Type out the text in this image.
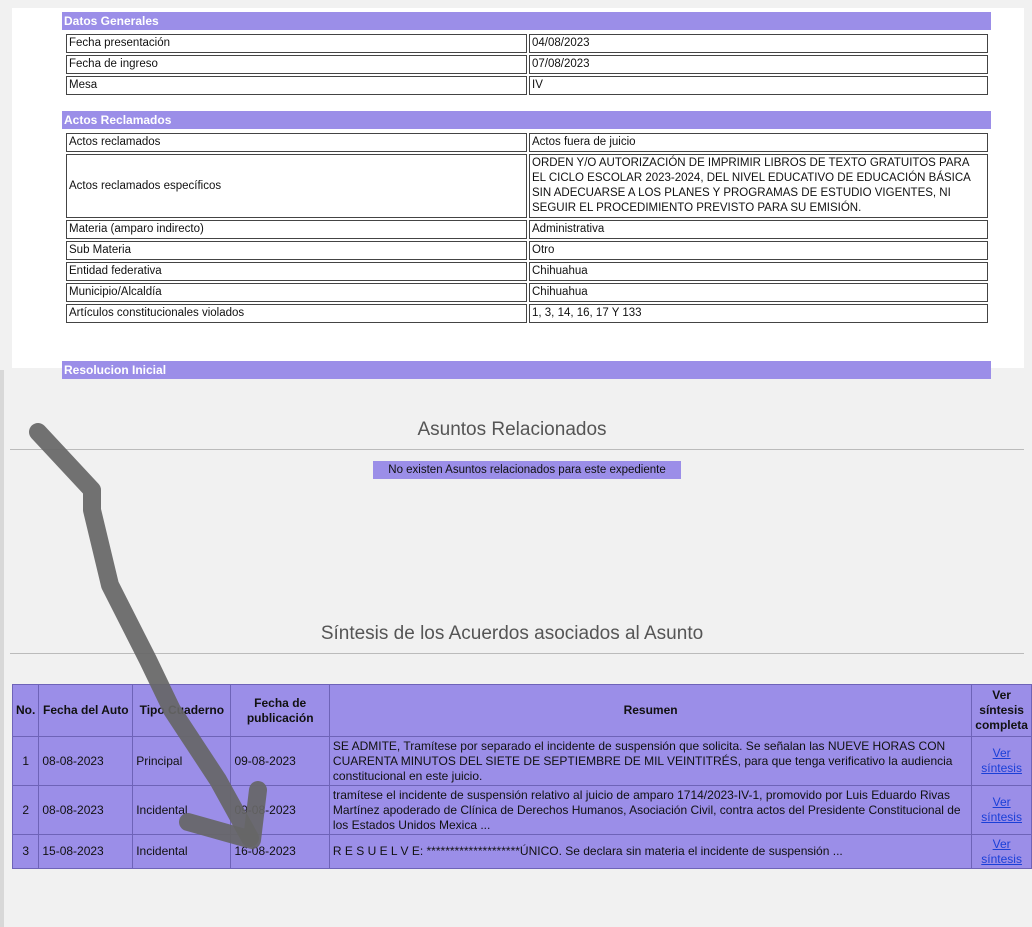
Datos Generales
Fecha presentación	04/08/2023
Fecha de ingreso	07/08/2023
Mesa	IV
Actos Reclamados
Actos reclamados	Actos fuera de juicio
Actos reclamados específicos	ORDEN Y/O AUTORIZACIÓN DE IMPRIMIR LIBROS DE TEXTO GRATUITOS PARA EL CICLO ESCOLAR 2023-2024, DEL NIVEL EDUCATIVO DE EDUCACIÓN BÁSICA SIN ADECUARSE A LOS PLANES Y PROGRAMAS DE ESTUDIO VIGENTES, NI SEGUIR EL PROCEDIMIENTO PREVISTO PARA SU EMISIÓN.
Materia (amparo indirecto)	Administrativa
Sub Materia	Otro
Entidad federativa	Chihuahua
Municipio/Alcaldía	Chihuahua
Artículos constitucionales violados	1, 3, 14, 16, 17 Y 133
Resolucion Inicial
Asuntos Relacionados
No existen Asuntos relacionados para este expediente
Síntesis de los Acuerdos asociados al Asunto
No.	Fecha del Auto	Tipo Cuaderno	Fecha de publicación	Resumen	Ver síntesis completa
1	08-08-2023	Principal	09-08-2023	SE ADMITE, Tramítese por separado el incidente de suspensión que solicita. Se señalan las NUEVE HORAS CON CUARENTA MINUTOS DEL SIETE DE SEPTIEMBRE DE MIL VEINTITRÉS, para que tenga verificativo la audiencia constitucional en este juicio.	Ver síntesis
2	08-08-2023	Incidental	09-08-2023	tramítese el incidente de suspensión relativo al juicio de amparo 1714/2023-IV-1, promovido por Luis Eduardo Rivas Martínez apoderado de Clínica de Derechos Humanos, Asociación Civil, contra actos del Presidente Constitucional de los Estados Unidos Mexica ...	Ver síntesis
3	15-08-2023	Incidental	16-08-2023	R E S U E L V E: ********************ÚNICO. Se declara sin materia el incidente de suspensión ...	Ver síntesis
